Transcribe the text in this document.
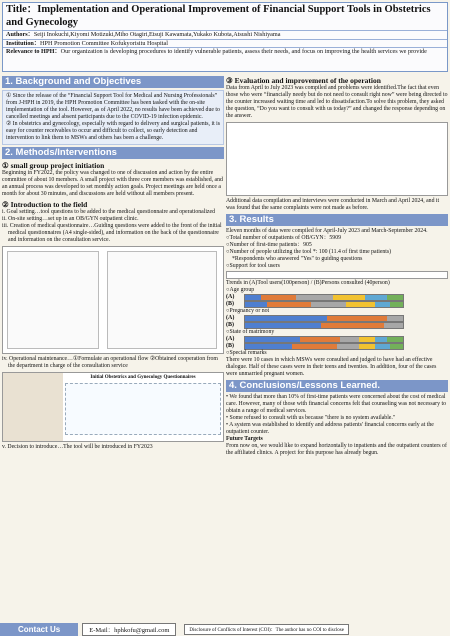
Title：Implementation and Operational Improvement of Financial Support Tools in Obstetrics and Gynecology
Authors：Seiji Inokuchi,Kiyomi Motizuki,Miho Otagiri,Etsuji Kawamata,Yukako Kubota,Atsushi Nishiyama
Institution：HPH Promotion Committee Kofukyorisitu Hospital
Relevance to HPH：Our organization is developing procedures to identify vulnerable patients, assess their needs, and focus on improving the health services we provide
1. Background and Objectives

① Since the release of the “Financial Support Tool for Medical and Nursing Professionals” from J-HPH in 2019, the HPH Promotion Committee has been tasked with the on-site implementation of the tool. However, as of April 2022, no results have been achieved due to cancelled meetings and absent participants due to the COVID-19 infection epidemic.

② In obstetrics and gynecology, especially with regard to delivery and surgical patients, it is easy for counter receivables to occur and difficult to collect, so early detection and intervention to link them to MSWs and others has been a challenge.

2. Methods/Interventions
① small group project initiation

Beginning in FY2022, the policy was changed to one of discussion and action by the entire committee of about 10 members. A small project with three core members was established, and an annual process was developed to set monthly action goals. Project meetings are held once a month for about 30 minutes, and discussions are held without all members present.

② Introduction to the field
i. Goal setting…tool questions to be added to the medical questionnaire and operationalized
ii. On-site setting…set up in an OB/GYN outpatient clinic.
iii. Creation of medical questionnaire…Guiding questions were added to the front of the initial medical questionnaires (A4 single-sided), and information on the back of the questionnaire and information on the consultation service.
iv. Operational maintenance…①Formulate an operational flow ②Obtained cooperation from the department in charge of the consultation service
Initial Obstetrics and Gynecology Questionnaires
v. Decision to introduce…The tool will be introduced in FY2023
③ Evaluation and improvement of the operation

Data from April to July 2023 was compiled and problems were identified.The fact that even those who were “financially needy but do not need to consult right now” were being directed to the counter increased waiting time and led to dissatisfaction.To solve this problem, they asked the question, “Do you want to consult with us today?” and changed the response depending on the answer.

Additional data compilation and interviews were conducted in March and April 2024, and it was found that the same complaints were not made as before.

3. Results

Eleven months of data were compiled for April-July 2023 and March-September 2024.

○Total number of outpatients of OB/GYN：5909

○Number of first-time patients：905

○Number of people utilizing the tool *: 100 (11.4 of first time patients)

*Respondents who answered "Yes" to guiding questions

○Support for tool users

Trends in (A)Tool users(100person) / (B)Persons consulted (40person)

○Age group

(A)
(B)

○Pregnancy or not

(A)
(B)

○State of matrimony

(A)
(B)

○Special remarks

There were 10 cases in which MSWs were consulted and judged to have had an effective dialogue. Half of these cases were in their teens and twenties. In addition, four of the cases were unmarried pregnant women.

4. Conclusions/Lessons Learned.

• We found that more than 10% of first-time patients were concerned about the cost of medical care. However, many of those with financial concerns felt that counseling was not necessary to obtain a range of medical services.

• Some refused to consult with us because "there is no system available."

• A system was established to identify and address patients' financial concerns early at the outpatient counter.

Future Targets

From now on, we would like to expand horizontally to inpatients and the outpatient counters of the affiliated clinics. A project for this purpose has already begun.

Contact Us	E-Mail：hphkofu@gmail.com	Disclosure of Conflicts of Interest (COI)：The author has no COI to disclose
